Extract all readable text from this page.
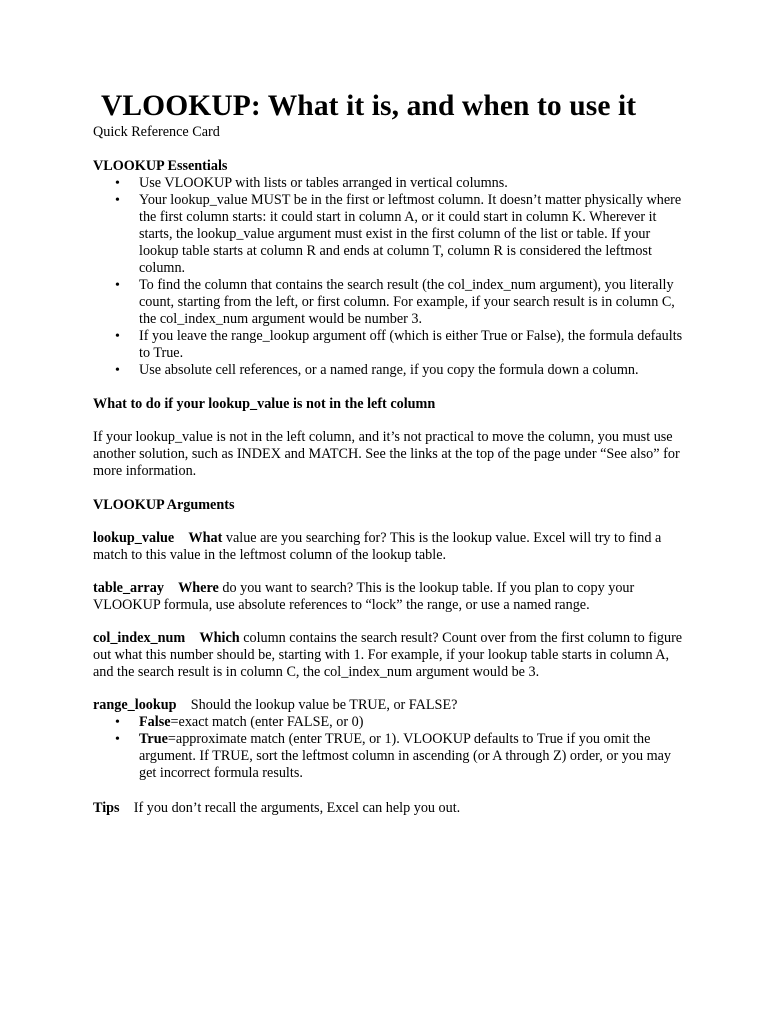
VLOOKUP: What it is, and when to use it

Quick Reference Card

VLOOKUP Essentials

• Use VLOOKUP with lists or tables arranged in vertical columns.
• Your lookup_value MUST be in the first or leftmost column. It doesn’t matter physically where the first column starts: it could start in column A, or it could start in column K. Wherever it starts, the lookup_value argument must exist in the first column of the list or table. If your lookup table starts at column R and ends at column T, column R is considered the leftmost column.
• To find the column that contains the search result (the col_index_num argument), you literally count, starting from the left, or first column. For example, if your search result is in column C, the col_index_num argument would be number 3.
• If you leave the range_lookup argument off (which is either True or False), the formula defaults to True.
• Use absolute cell references, or a named range, if you copy the formula down a column.

What to do if your lookup_value is not in the left column

If your lookup_value is not in the left column, and it’s not practical to move the column, you must use another solution, such as INDEX and MATCH. See the links at the top of the page under “See also” for more information.

VLOOKUP Arguments

lookup_value What value are you searching for? This is the lookup value. Excel will try to find a match to this value in the leftmost column of the lookup table.

table_array Where do you want to search? This is the lookup table. If you plan to copy your VLOOKUP formula, use absolute references to “lock” the range, or use a named range.

col_index_num Which column contains the search result? Count over from the first column to figure out what this number should be, starting with 1. For example, if your lookup table starts in column A, and the search result is in column C, the col_index_num argument would be 3.

range_lookup Should the lookup value be TRUE, or FALSE?

• False=exact match (enter FALSE, or 0)
• True=approximate match (enter TRUE, or 1). VLOOKUP defaults to True if you omit the argument. If TRUE, sort the leftmost column in ascending (or A through Z) order, or you may get incorrect formula results.

Tips If you don’t recall the arguments, Excel can help you out.
